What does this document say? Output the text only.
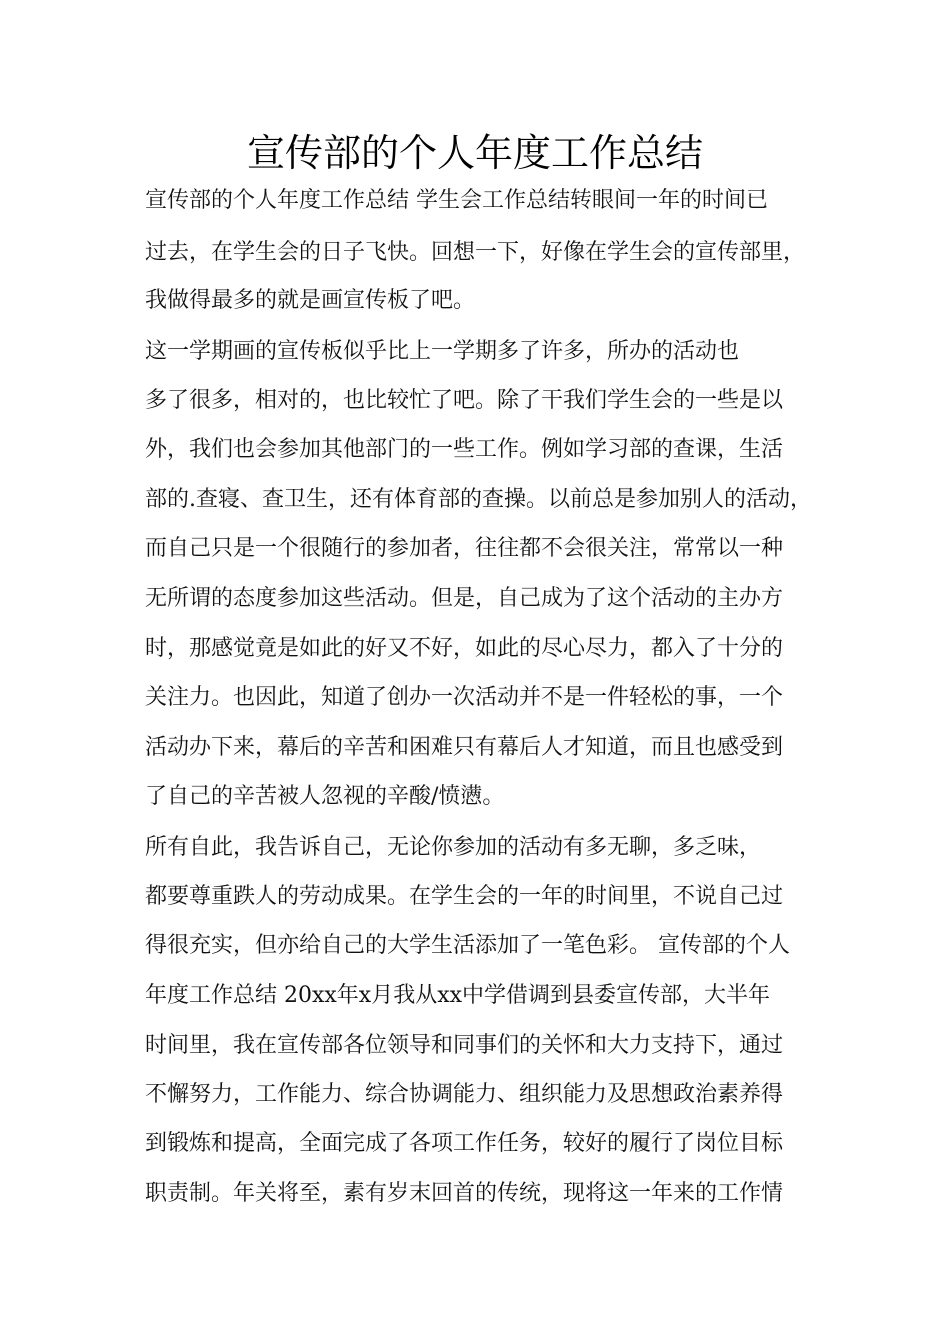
宣传部的个人年度工作总结

宣传部的个人年度工作总结 学生会工作总结转眼间一年的时间已

过去，在学生会的日子飞快。回想一下，好像在学生会的宣传部里，

我做得最多的就是画宣传板了吧。

这一学期画的宣传板似乎比上一学期多了许多，所办的活动也

多了很多，相对的，也比较忙了吧。除了干我们学生会的一些是以

外，我们也会参加其他部门的一些工作。例如学习部的查课，生活

部的.查寝、查卫生，还有体育部的查操。以前总是参加别人的活动，

而自己只是一个很随行的参加者，往往都不会很关注，常常以一种

无所谓的态度参加这些活动。但是，自己成为了这个活动的主办方

时，那感觉竟是如此的好又不好，如此的尽心尽力，都入了十分的

关注力。也因此，知道了创办一次活动并不是一件轻松的事，一个

活动办下来，幕后的辛苦和困难只有幕后人才知道，而且也感受到

了自己的辛苦被人忽视的辛酸/愤懑。

所有自此，我告诉自己，无论你参加的活动有多无聊，多乏味，

都要尊重跌人的劳动成果。在学生会的一年的时间里，不说自己过

得很充实，但亦给自己的大学生活添加了一笔色彩。 宣传部的个人

年度工作总结 20xx年x月我从xx中学借调到县委宣传部，大半年

时间里，我在宣传部各位领导和同事们的关怀和大力支持下，通过

不懈努力，工作能力、综合协调能力、组织能力及思想政治素养得

到锻炼和提高，全面完成了各项工作任务，较好的履行了岗位目标

职责制。年关将至，素有岁末回首的传统，现将这一年来的工作情
